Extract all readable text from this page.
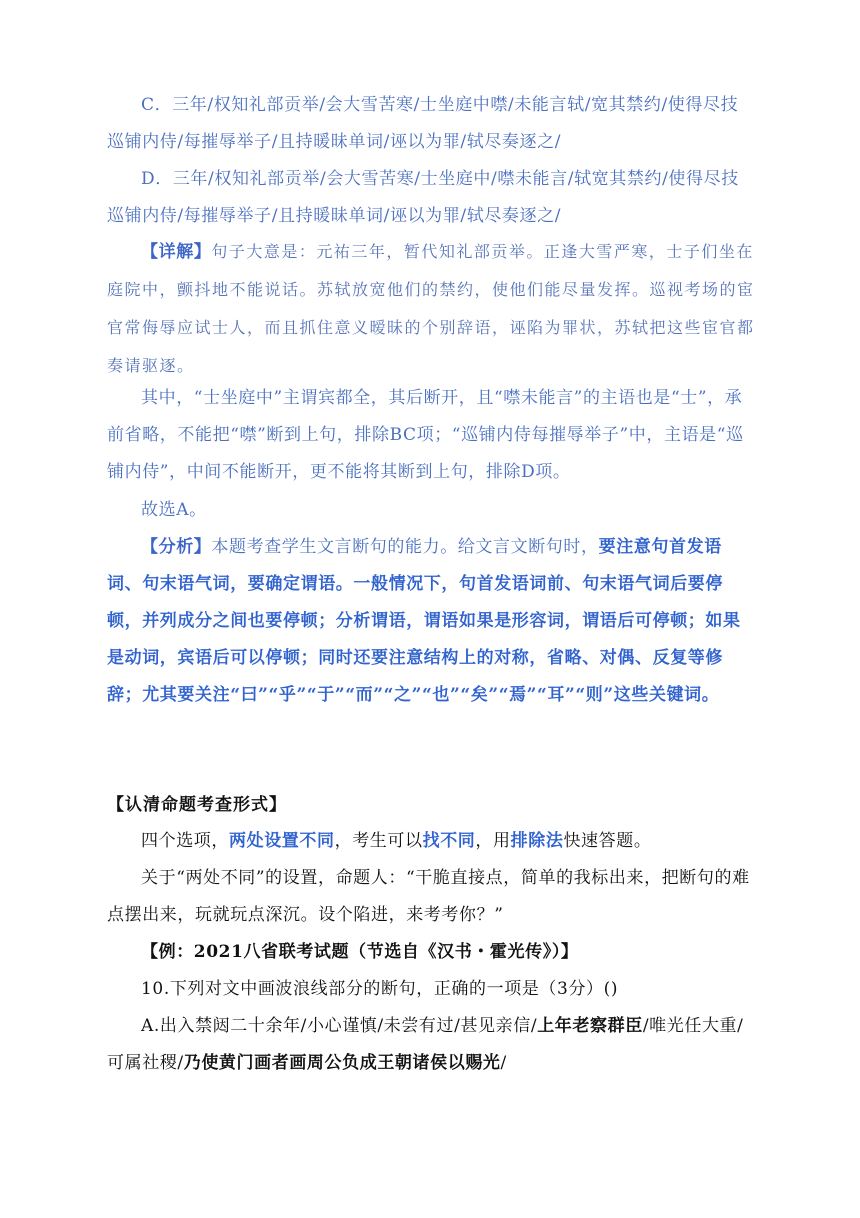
C．三年/权知礼部贡举/会大雪苦寒/士坐庭中噤/未能言轼/宽其禁约/使得尽技巡铺内侍/每摧辱举子/且持暖昧单词/诬以为罪/轼尽奏逐之/

D．三年/权知礼部贡举/会大雪苦寒/士坐庭中/噤未能言/轼宽其禁约/使得尽技巡铺内侍/每摧辱举子/且持暖昧单词/诬以为罪/轼尽奏逐之/

【详解】句子大意是：元祐三年，暂代知礼部贡举。正逢大雪严寒，士子们坐在庭院中，颤抖地不能说话。苏轼放宽他们的禁约，使他们能尽量发挥。巡视考场的宦官常侮辱应试士人，而且抓住意义暧昧的个别辞语，诬陷为罪状，苏轼把这些宦官都奏请驱逐。

其中，“士坐庭中”主谓宾都全，其后断开，且“噤未能言”的主语也是“士”，承前省略，不能把“噤”断到上句，排除BC项；“巡铺内侍每摧辱举子”中，主语是“巡铺内侍”，中间不能断开，更不能将其断到上句，排除D项。

故选A。

【分析】本题考查学生文言断句的能力。给文言文断句时，要注意句首发语词、句末语气词，要确定谓语。一般情况下，句首发语词前、句末语气词后要停顿，并列成分之间也要停顿；分析谓语，谓语如果是形容词，谓语后可停顿；如果是动词，宾语后可以停顿；同时还要注意结构上的对称，省略、对偶、反复等修辞；尤其要关注“曰”“乎”“于”“而”“之”“也”“矣”“焉”“耳”“则”这些关键词。

【认清命题考查形式】

四个选项，两处设置不同，考生可以找不同，用排除法快速答题。

关于“两处不同”的设置，命题人：“干脆直接点，简单的我标出来，把断句的难点摆出来，玩就玩点深沉。设个陷进，来考考你？”

【例：2021八省联考试题（节选自《汉书・霍光传》）】

10.下列对文中画波浪线部分的断句，正确的一项是（3分）()

A.出入禁闼二十余年/小心谨慎/未尝有过/甚见亲信/上年老察群臣/唯光任大重/可属社稷/乃使黄门画者画周公负成王朝诸侯以赐光/
